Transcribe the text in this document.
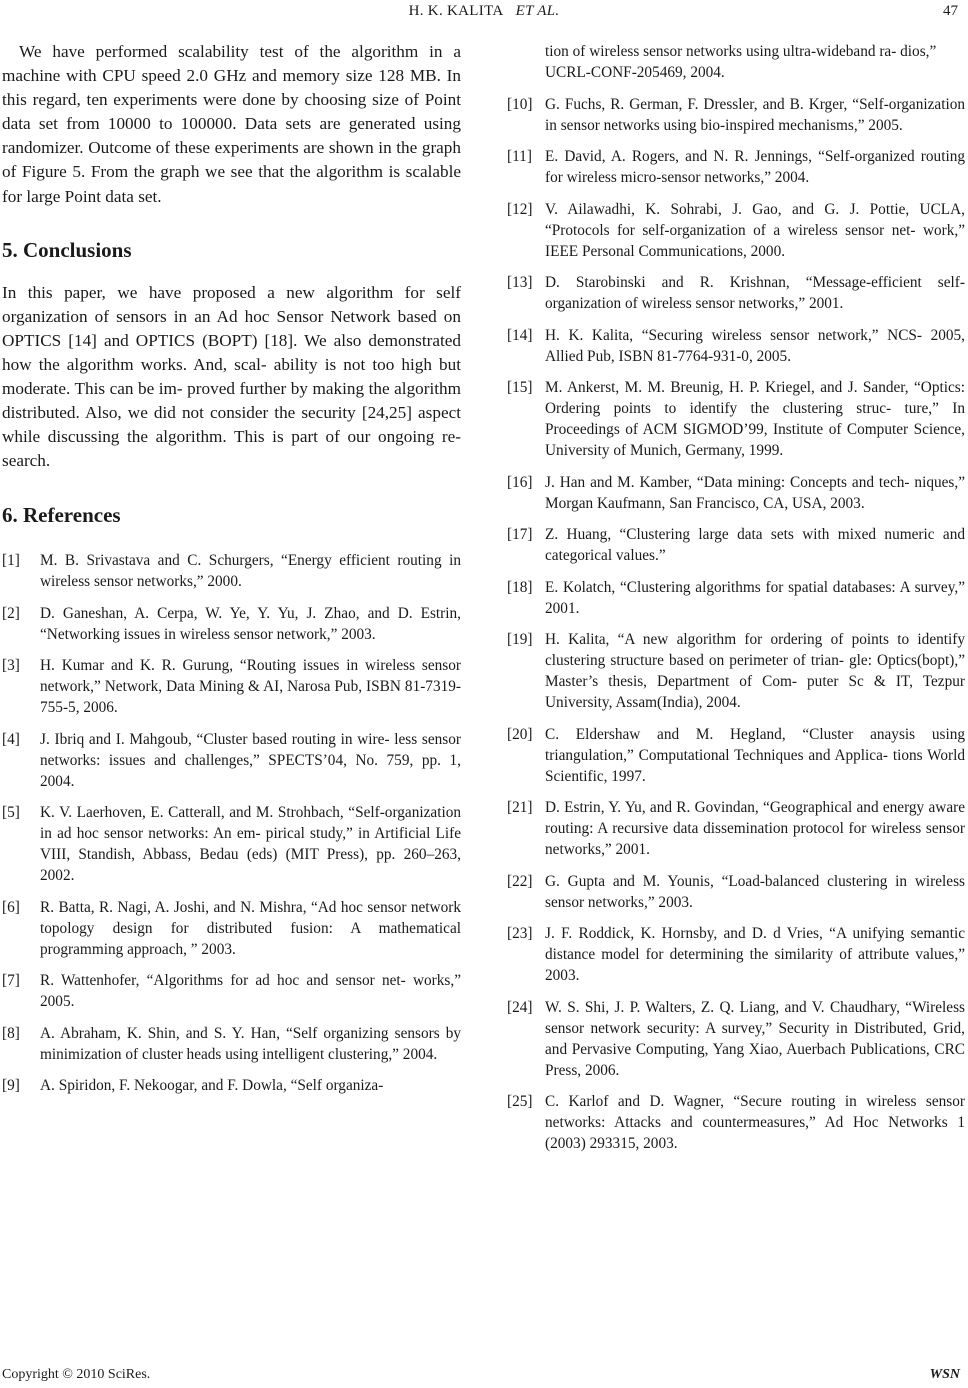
H. K. KALITA ET AL.	47

We have performed scalability test of the algorithm in a machine with CPU speed 2.0 GHz and memory size 128 MB. In this regard, ten experiments were done by choosing size of Point data set from 10000 to 100000. Data sets are generated using randomizer. Outcome of these experiments are shown in the graph of Figure 5. From the graph we see that the algorithm is scalable for large Point data set.

5. Conclusions

In this paper, we have proposed a new algorithm for self organization of sensors in an Ad hoc Sensor Network based on OPTICS [14] and OPTICS (BOPT) [18]. We also demonstrated how the algorithm works. And, scal- ability is not too high but moderate. This can be im- proved further by making the algorithm distributed. Also, we did not consider the security [24,25] aspect while discussing the algorithm. This is part of our ongoing re- search.

6. References
[1]	M. B. Srivastava and C. Schurgers, “Energy efficient routing in wireless sensor networks,” 2000.
[2]	D. Ganeshan, A. Cerpa, W. Ye, Y. Yu, J. Zhao, and D. Estrin, “Networking issues in wireless sensor network,” 2003.
[3]	H. Kumar and K. R. Gurung, “Routing issues in wireless sensor network,” Network, Data Mining & AI, Narosa Pub, ISBN 81-7319-755-5, 2006.
[4]	J. Ibriq and I. Mahgoub, “Cluster based routing in wire- less sensor networks: issues and challenges,” SPECTS’04, No. 759, pp. 1, 2004.
[5]	K. V. Laerhoven, E. Catterall, and M. Strohbach, “Self-organization in ad hoc sensor networks: An em- pirical study,” in Artificial Life VIII, Standish, Abbass, Bedau (eds) (MIT Press), pp. 260–263, 2002.
[6]	R. Batta, R. Nagi, A. Joshi, and N. Mishra, “Ad hoc sensor network topology design for distributed fusion: A mathematical programming approach, ” 2003.
[7]	R. Wattenhofer, “Algorithms for ad hoc and sensor net- works,” 2005.
[8]	A. Abraham, K. Shin, and S. Y. Han, “Self organizing sensors by minimization of cluster heads using intelligent clustering,” 2004.
[9]	A. Spiridon, F. Nekoogar, and F. Dowla, “Self organiza-
tion of wireless sensor networks using ultra-wideband ra- dios,” UCRL-CONF-205469, 2004.
[10] G. Fuchs, R. German, F. Dressler, and B. Krger, “Self-organization in sensor networks using bio-inspired mechanisms,” 2005.
[11] E. David, A. Rogers, and N. R. Jennings, “Self-organized routing for wireless micro-sensor networks,” 2004.
[12] V. Ailawadhi, K. Sohrabi, J. Gao, and G. J. Pottie, UCLA, “Protocols for self-organization of a wireless sensor net- work,” IEEE Personal Communications, 2000.
[13] D. Starobinski and R. Krishnan, “Message-efficient self- organization of wireless sensor networks,” 2001.
[14] H. K. Kalita, “Securing wireless sensor network,” NCS- 2005, Allied Pub, ISBN 81-7764-931-0, 2005.
[15] M. Ankerst, M. M. Breunig, H. P. Kriegel, and J. Sander, “Optics: Ordering points to identify the clustering struc- ture,” In Proceedings of ACM SIGMOD’99, Institute of Computer Science, University of Munich, Germany, 1999.
[16] J. Han and M. Kamber, “Data mining: Concepts and tech- niques,” Morgan Kaufmann, San Francisco, CA, USA, 2003.
[17] Z. Huang, “Clustering large data sets with mixed numeric and categorical values.”
[18] E. Kolatch, “Clustering algorithms for spatial databases: A survey,” 2001.
[19] H. Kalita, “A new algorithm for ordering of points to identify clustering structure based on perimeter of trian- gle: Optics(bopt),” Master’s thesis, Department of Com- puter Sc & IT, Tezpur University, Assam(India), 2004.
[20] C. Eldershaw and M. Hegland, “Cluster anaysis using triangulation,” Computational Techniques and Applica- tions World Scientific, 1997.
[21] D. Estrin, Y. Yu, and R. Govindan, “Geographical and energy aware routing: A recursive data dissemination protocol for wireless sensor networks,” 2001.
[22] G. Gupta and M. Younis, “Load-balanced clustering in wireless sensor networks,” 2003.
[23] J. F. Roddick, K. Hornsby, and D. d Vries, “A unifying semantic distance model for determining the similarity of attribute values,” 2003.
[24] W. S. Shi, J. P. Walters, Z. Q. Liang, and V. Chaudhary, “Wireless sensor network security: A survey,” Security in Distributed, Grid, and Pervasive Computing, Yang Xiao, Auerbach Publications, CRC Press, 2006.
[25] C. Karlof and D. Wagner, “Secure routing in wireless sensor networks: Attacks and countermeasures,” Ad Hoc Networks 1 (2003) 293315, 2003.
Copyright © 2010 SciRes.	WSN
